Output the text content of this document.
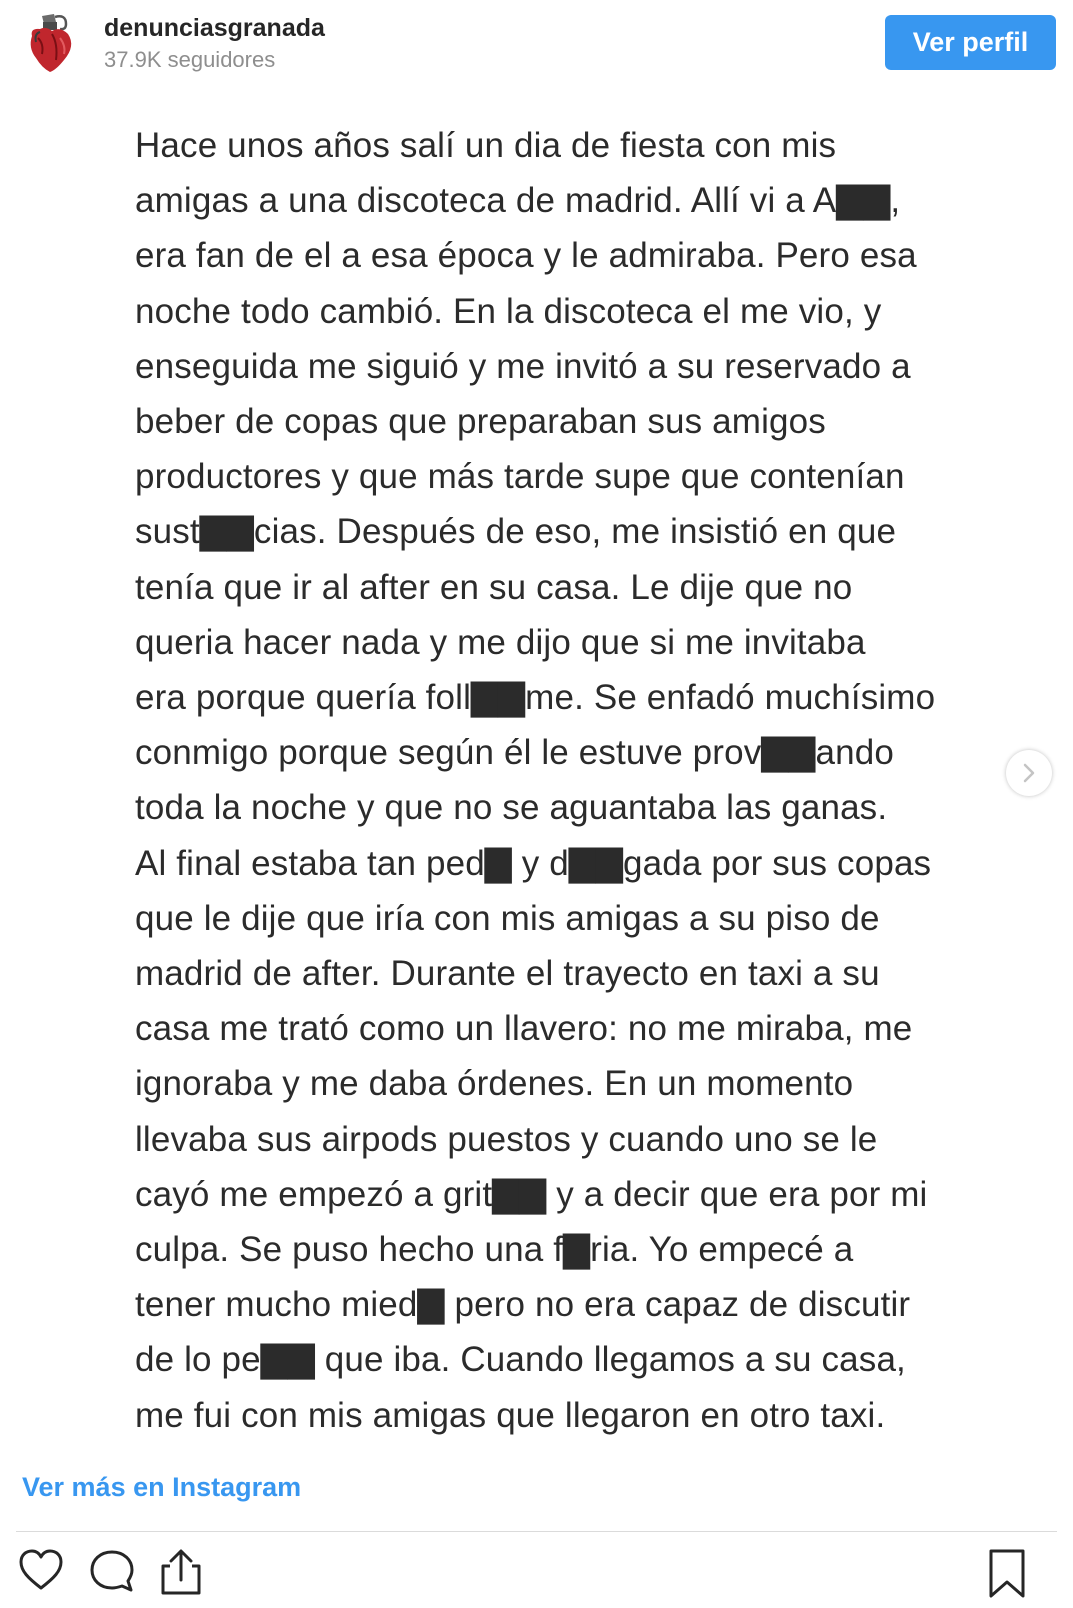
denunciasgranada
37.9K seguidores
Ver perfil
Hace unos años salí un dia de fiesta con mis
amigas a una discoteca de madrid. Allí vi a A▇▇,
era fan de el a esa época y le admiraba. Pero esa
noche todo cambió. En la discoteca el me vio, y
enseguida me siguió y me invitó a su reservado a
beber de copas que preparaban sus amigos
productores y que más tarde supe que contenían
sust▇▇cias. Después de eso, me insistió en que
tenía que ir al after en su casa. Le dije que no
queria hacer nada y me dijo que si me invitaba
era porque quería foll▇▇me. Se enfadó muchísimo
conmigo porque según él le estuve prov▇▇ando
toda la noche y que no se aguantaba las ganas.
Al final estaba tan ped▇ y d▇▇gada por sus copas
que le dije que iría con mis amigas a su piso de
madrid de after. Durante el trayecto en taxi a su
casa me trató como un llavero: no me miraba, me
ignoraba y me daba órdenes. En un momento
llevaba sus airpods puestos y cuando uno se le
cayó me empezó a grit▇▇ y a decir que era por mi
culpa. Se puso hecho una f▇ria. Yo empecé a
tener mucho mied▇ pero no era capaz de discutir
de lo pe▇▇ que iba. Cuando llegamos a su casa,
me fui con mis amigas que llegaron en otro taxi.
Ver más en Instagram
